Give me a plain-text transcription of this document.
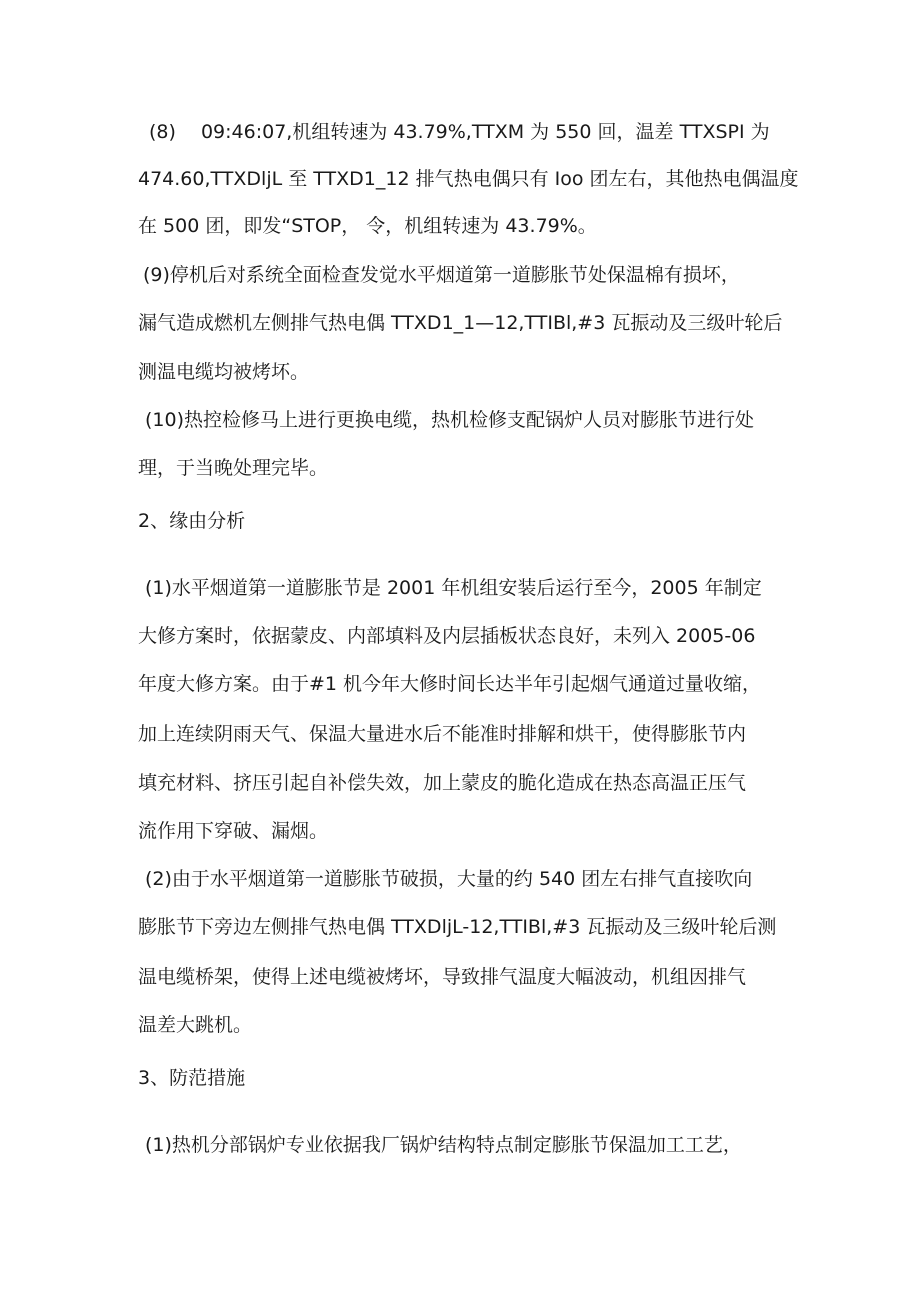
(8)　 09:46:07,机组转速为 43.79%,TTXM 为 550 回，温差 TTXSPI 为
474.60,TTXDljL 至 TTXD1_12 排气热电偶只有 Ioo 团左右，其他热电偶温度
在 500 团，即发“STOP， 令，机组转速为 43.79%。
(9)停机后对系统全面检查发觉水平烟道第一道膨胀节处保温棉有损坏，
漏气造成燃机左侧排气热电偶 TTXD1_1—12,TTIBl,#3 瓦振动及三级叶轮后
测温电缆均被烤坏。
(10)热控检修马上进行更换电缆，热机检修支配锅炉人员对膨胀节进行处
理，于当晚处理完毕。
2、缘由分析
(1)水平烟道第一道膨胀节是 2001 年机组安装后运行至今，2005 年制定
大修方案时，依据蒙皮、内部填料及内层插板状态良好，未列入 2005-06
年度大修方案。由于#1 机今年大修时间长达半年引起烟气通道过量收缩，
加上连续阴雨天气、保温大量进水后不能准时排解和烘干，使得膨胀节内
填充材料、挤压引起自补偿失效，加上蒙皮的脆化造成在热态高温正压气
流作用下穿破、漏烟。
(2)由于水平烟道第一道膨胀节破损，大量的约 540 团左右排气直接吹向
膨胀节下旁边左侧排气热电偶 TTXDljL-12,TTIBl,#3 瓦振动及三级叶轮后测
温电缆桥架，使得上述电缆被烤坏，导致排气温度大幅波动，机组因排气
温差大跳机。
3、防范措施
(1)热机分部锅炉专业依据我厂锅炉结构特点制定膨胀节保温加工工艺，
